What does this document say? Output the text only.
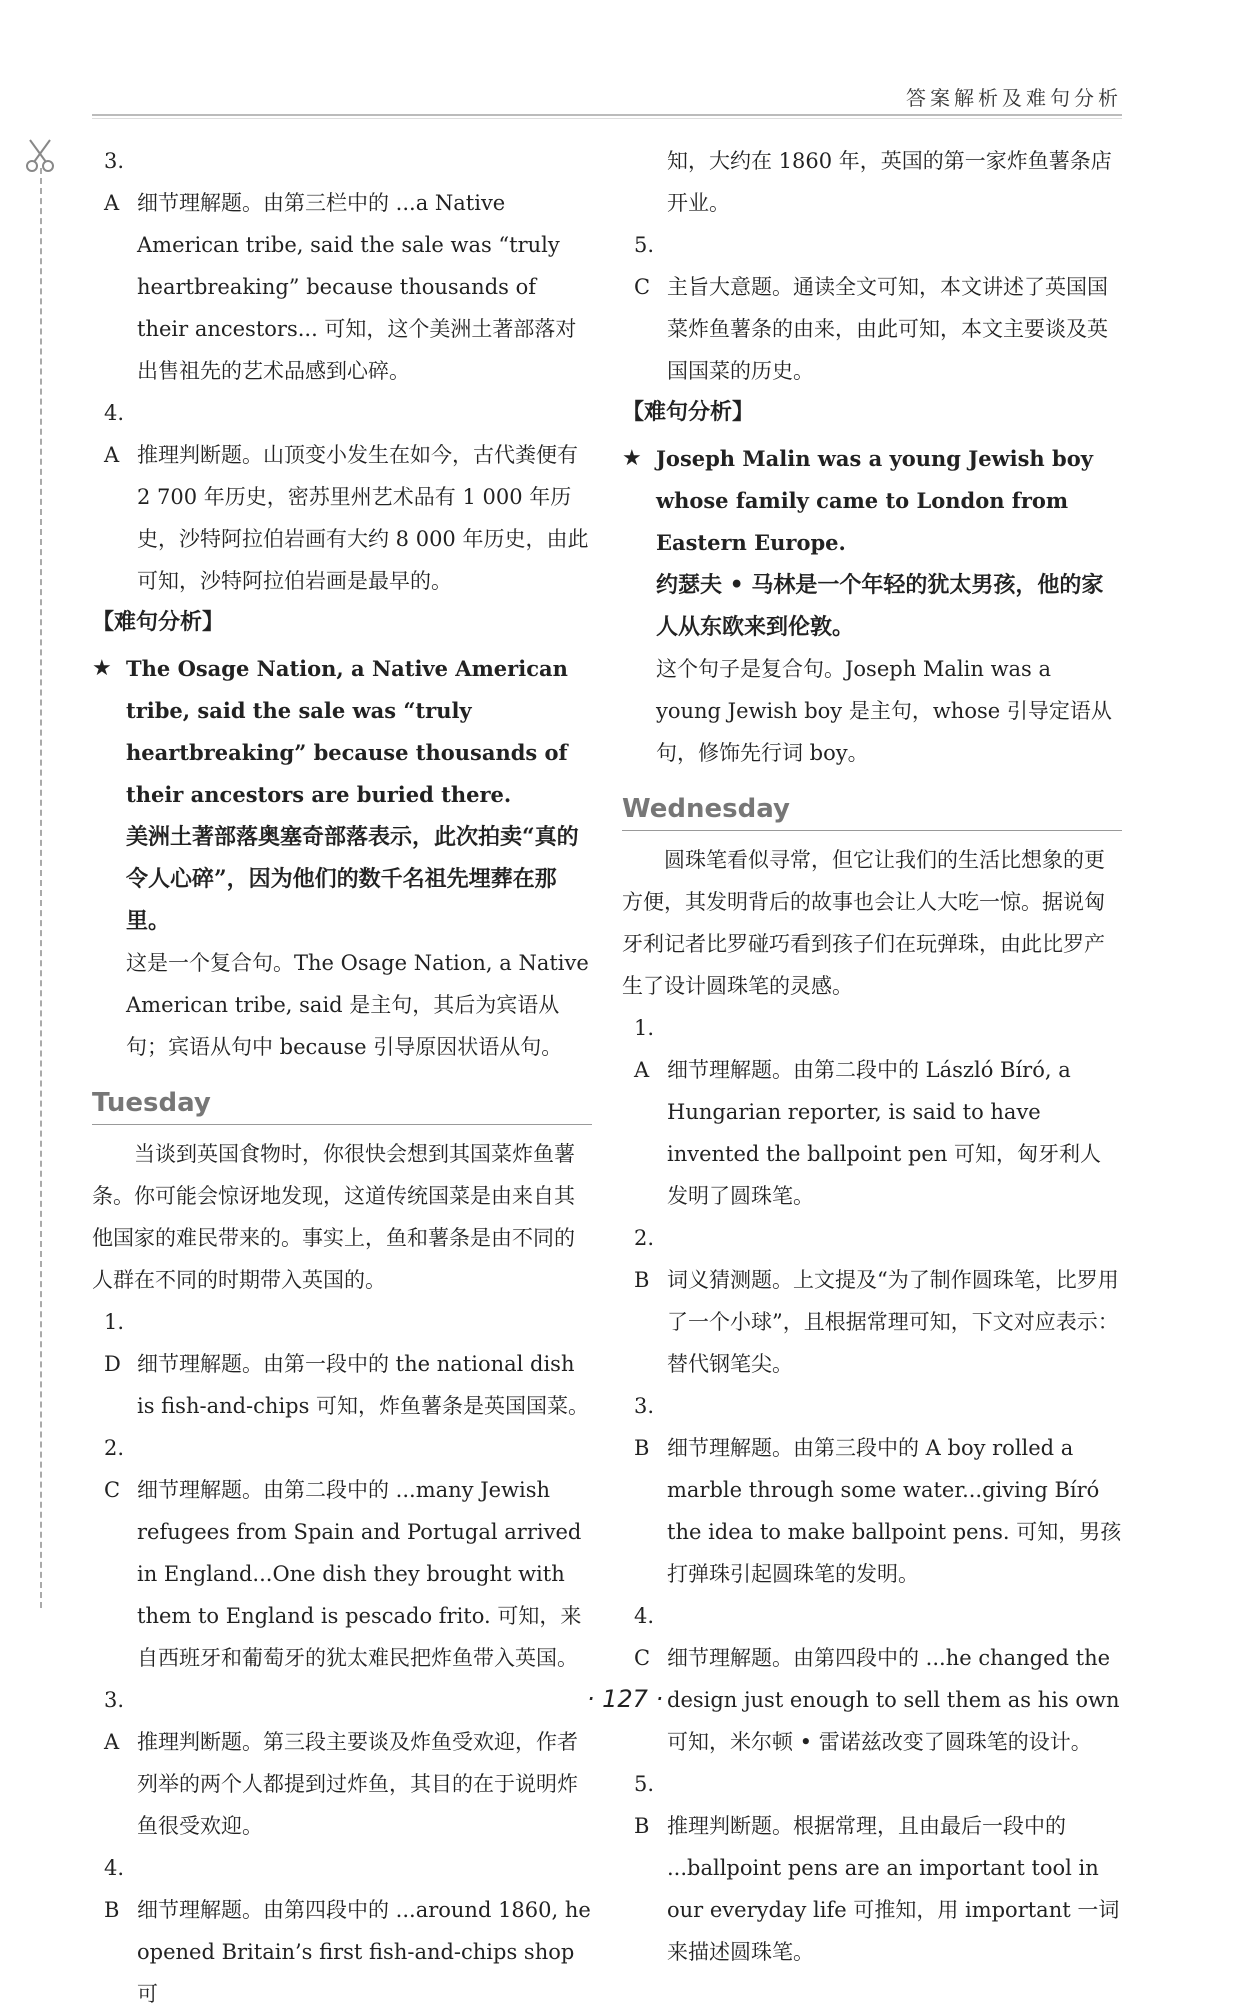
答案解析及难句分析
3. A 细节理解题。由第三栏中的 ...a Native American tribe, said the sale was “truly heartbreaking” because thousands of their ancestors... 可知，这个美洲土著部落对出售祖先的艺术品感到心碎。
4. A 推理判断题。山顶变小发生在如今，古代粪便有 2 700 年历史，密苏里州艺术品有 1 000 年历史，沙特阿拉伯岩画有大约 8 000 年历史，由此可知，沙特阿拉伯岩画是最早的。

【难句分析】

★ The Osage Nation, a Native American tribe, said the sale was “truly heartbreaking” because thousands of their ancestors are buried there.

美洲土著部落奥塞奇部落表示，此次拍卖“真的令人心碎”，因为他们的数千名祖先埋葬在那里。

这是一个复合句。The Osage Nation, a Native American tribe, said 是主句，其后为宾语从句；宾语从句中 because 引导原因状语从句。

Tuesday

当谈到英国食物时，你很快会想到其国菜炸鱼薯条。你可能会惊讶地发现，这道传统国菜是由来自其他国家的难民带来的。事实上，鱼和薯条是由不同的人群在不同的时期带入英国的。

1. D 细节理解题。由第一段中的 the national dish is fish-and-chips 可知，炸鱼薯条是英国国菜。
2. C 细节理解题。由第二段中的 ...many Jewish refugees from Spain and Portugal arrived in England...One dish they brought with them to England is pescado frito. 可知，来自西班牙和葡萄牙的犹太难民把炸鱼带入英国。
3. A 推理判断题。第三段主要谈及炸鱼受欢迎，作者列举的两个人都提到过炸鱼，其目的在于说明炸鱼很受欢迎。
4. B 细节理解题。由第四段中的 ...around 1860, he opened Britain’s first fish-and-chips shop 可

知，大约在 1860 年，英国的第一家炸鱼薯条店开业。

5. C 主旨大意题。通读全文可知，本文讲述了英国国菜炸鱼薯条的由来，由此可知，本文主要谈及英国国菜的历史。

【难句分析】

★ Joseph Malin was a young Jewish boy whose family came to London from Eastern Europe.

约瑟夫 • 马林是一个年轻的犹太男孩，他的家人从东欧来到伦敦。

这个句子是复合句。Joseph Malin was a young Jewish boy 是主句，whose 引导定语从句，修饰先行词 boy。

Wednesday

圆珠笔看似寻常，但它让我们的生活比想象的更方便，其发明背后的故事也会让人大吃一惊。据说匈牙利记者比罗碰巧看到孩子们在玩弹珠，由此比罗产生了设计圆珠笔的灵感。

1. A 细节理解题。由第二段中的 László Bíró, a Hungarian reporter, is said to have invented the ballpoint pen 可知，匈牙利人发明了圆珠笔。
2. B 词义猜测题。上文提及“为了制作圆珠笔，比罗用了一个小球”，且根据常理可知，下文对应表示：替代钢笔尖。
3. B 细节理解题。由第三段中的 A boy rolled a marble through some water...giving Bíró the idea to make ballpoint pens. 可知，男孩打弹珠引起圆珠笔的发明。
4. C 细节理解题。由第四段中的 ...he changed the design just enough to sell them as his own 可知，米尔顿 • 雷诺兹改变了圆珠笔的设计。
5. B 推理判断题。根据常理，且由最后一段中的 ...ballpoint pens are an important tool in our everyday life 可推知，用 important 一词来描述圆珠笔。
· 127 ·
